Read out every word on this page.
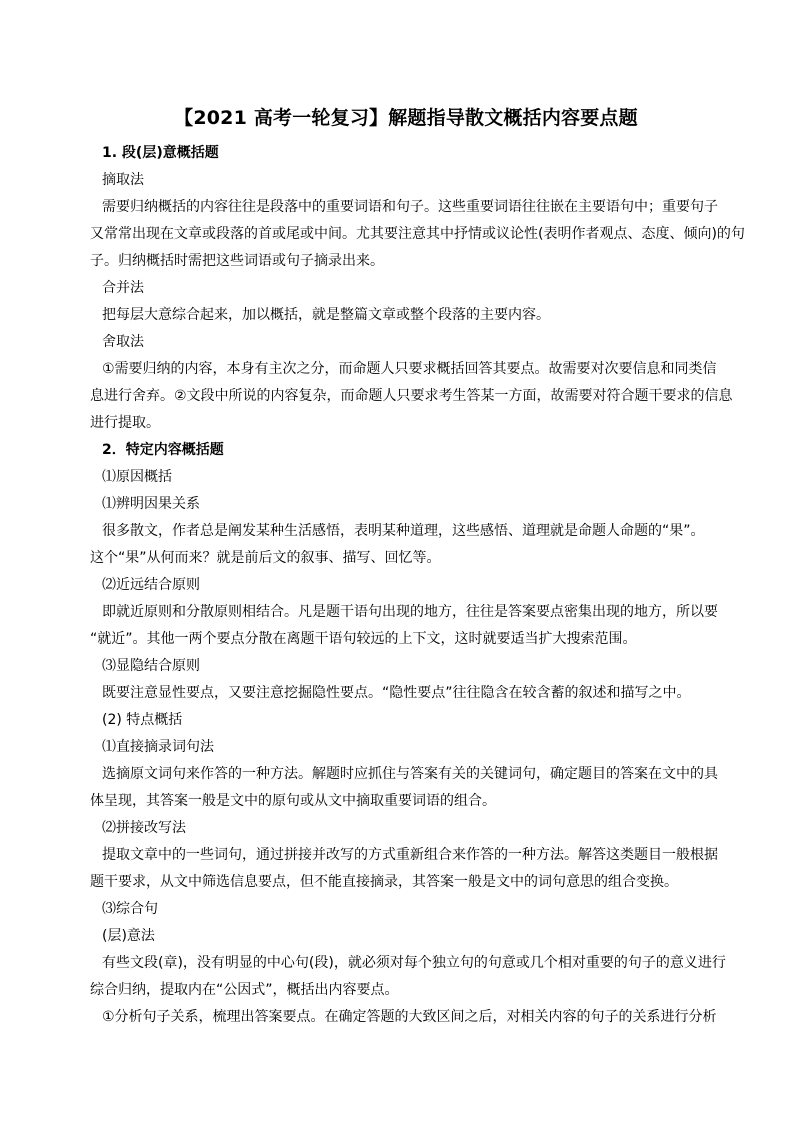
【2021 高考一轮复习】解题指导散文概括内容要点题
1. 段(层)意概括题
摘取法
需要归纳概括的内容往往是段落中的重要词语和句子。这些重要词语往往嵌在主要语句中；重要句子
又常常出现在文章或段落的首或尾或中间。尤其要注意其中抒情或议论性(表明作者观点、态度、倾向)的句
子。归纳概括时需把这些词语或句子摘录出来。
合并法
把每层大意综合起来，加以概括，就是整篇文章或整个段落的主要内容。
舍取法
①需要归纳的内容，本身有主次之分，而命题人只要求概括回答其要点。故需要对次要信息和同类信
息进行舍弃。②文段中所说的内容复杂，而命题人只要求考生答某一方面，故需要对符合题干要求的信息
进行提取。
2．特定内容概括题
⑴原因概括
⑴辨明因果关系
很多散文，作者总是阐发某种生活感悟，表明某种道理，这些感悟、道理就是命题人命题的“果”。
这个“果”从何而来？就是前后文的叙事、描写、回忆等。
⑵近远结合原则
即就近原则和分散原则相结合。凡是题干语句出现的地方，往往是答案要点密集出现的地方，所以要
“就近”。其他一两个要点分散在离题干语句较远的上下文，这时就要适当扩大搜索范围。
⑶显隐结合原则
既要注意显性要点，又要注意挖掘隐性要点。“隐性要点”往往隐含在较含蓄的叙述和描写之中。
(2) 特点概括
⑴直接摘录词句法
选摘原文词句来作答的一种方法。解题时应抓住与答案有关的关键词句，确定题目的答案在文中的具
体呈现，其答案一般是文中的原句或从文中摘取重要词语的组合。
⑵拼接改写法
提取文章中的一些词句，通过拼接并改写的方式重新组合来作答的一种方法。解答这类题目一般根据
题干要求，从文中筛选信息要点，但不能直接摘录，其答案一般是文中的词句意思的组合变换。
⑶综合句
(层)意法
有些文段(章)，没有明显的中心句(段)，就必须对每个独立句的句意或几个相对重要的句子的意义进行
综合归纳，提取内在“公因式”，概括出内容要点。
①分析句子关系，梳理出答案要点。在确定答题的大致区间之后，对相关内容的句子的关系进行分析
